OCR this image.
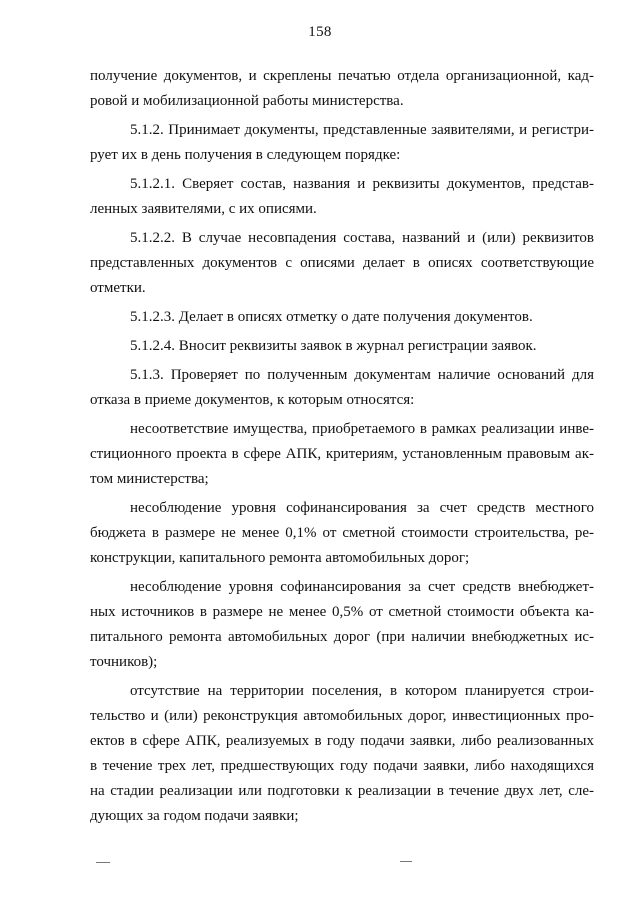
158
получение документов, и скреплены печатью отдела организационной, кад-
ровой и мобилизационной работы министерства.
5.1.2. Принимает документы, представленные заявителями, и регистри-
рует их в день получения в следующем порядке:
5.1.2.1. Сверяет состав, названия и реквизиты документов, представ-
ленных заявителями, с их описями.
5.1.2.2. В случае несовпадения состава, названий и (или) реквизитов
представленных документов с описями делает в описях соответствующие
отметки.
5.1.2.3. Делает в описях отметку о дате получения документов.
5.1.2.4. Вносит реквизиты заявок в журнал регистрации заявок.
5.1.3. Проверяет по полученным документам наличие оснований для
отказа в приеме документов, к которым относятся:
несоответствие имущества, приобретаемого в рамках реализации инве-
стиционного проекта в сфере АПК, критериям, установленным правовым ак-
том министерства;
несоблюдение уровня софинансирования за счет средств местного
бюджета в размере не менее 0,1% от сметной стоимости строительства, ре-
конструкции, капитального ремонта автомобильных дорог;
несоблюдение уровня софинансирования за счет средств внебюджет-
ных источников в размере не менее 0,5% от сметной стоимости объекта ка-
питального ремонта автомобильных дорог (при наличии внебюджетных ис-
точников);
отсутствие на территории поселения, в котором планируется строи-
тельство и (или) реконструкция автомобильных дорог, инвестиционных про-
ектов в сфере АПК, реализуемых в году подачи заявки, либо реализованных
в течение трех лет, предшествующих году подачи заявки, либо находящихся
на стадии реализации или подготовки к реализации в течение двух лет, сле-
дующих за годом подачи заявки;
